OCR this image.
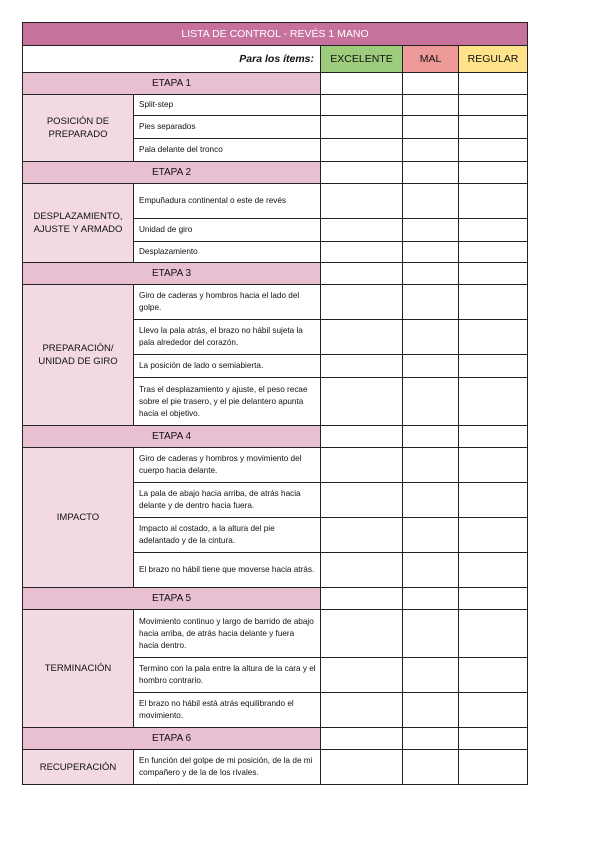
LISTA DE CONTROL - REVÉS 1 MANO				
Para los ítems:		EXCELENTE	MAL	REGULAR
ETAPA 1				
POSICIÓN DE PREPARADO	Split-step			
	Pies separados			
	Pala delante del tronco			
ETAPA 2				
DESPLAZAMIENTO, AJUSTE Y ARMADO	Empuñadura continental o este de revés			
	Unidad de giro			
	Desplazamiento			
ETAPA 3				
PREPARACIÓN/ UNIDAD DE GIRO	Giro de caderas y hombros hacia el lado del golpe.			
	Llevo la pala atrás, el brazo no hábil sujeta la pala alrededor del corazón.			
	La posición de lado o semiabierta.			
	Tras el desplazamiento y ajuste, el peso recae sobre el pie trasero, y el pie delantero apunta hacia el objetivo.			
ETAPA 4				
IMPACTO	Giro de caderas y hombros y movimiento del cuerpo hacia delante.			
	La pala de abajo hacia arriba, de atrás hacia delante y de dentro hacia fuera.			
	Impacto al costado, a la altura del pie adelantado y de la cintura.			
	El brazo no hábil tiene que moverse hacia atrás.			
ETAPA 5				
TERMINACIÓN	Movimiento continuo y largo de barrido de abajo hacia arriba, de atrás hacia delante y fuera hacia dentro.			
	Termino con la pala entre la altura de la cara y el hombro contrario.			
	El brazo no hábil está atrás equilibrando el movimiento.			
ETAPA 6				
RECUPERACIÓN	En función del golpe de mi posición, de la de mi compañero y de la de los rivales.			
